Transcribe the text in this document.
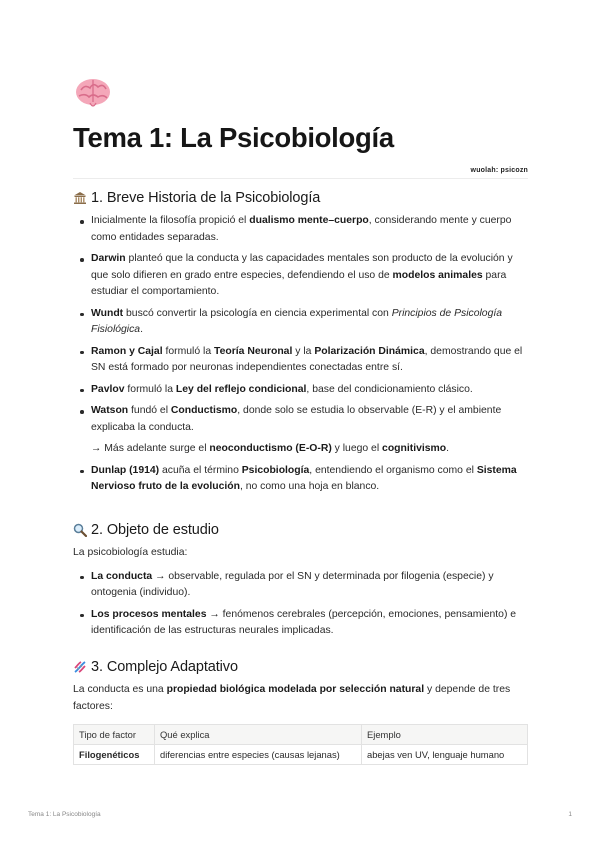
Tema 1: La Psicobiología
wuolah: psicozn
1. Breve Historia de la Psicobiología
Inicialmente la filosofía propició el dualismo mente–cuerpo, considerando mente y cuerpo como entidades separadas.
Darwin planteó que la conducta y las capacidades mentales son producto de la evolución y que solo difieren en grado entre especies, defendiendo el uso de modelos animales para estudiar el comportamiento.
Wundt buscó convertir la psicología en ciencia experimental con Principios de Psicología Fisiológica.
Ramon y Cajal formuló la Teoría Neuronal y la Polarización Dinámica, demostrando que el SN está formado por neuronas independientes conectadas entre sí.
Pavlov formuló la Ley del reflejo condicional, base del condicionamiento clásico.
Watson fundó el Conductismo, donde solo se estudia lo observable (E-R) y el ambiente explicaba la conducta.
→ Más adelante surge el neoconductismo (E-O-R) y luego el cognitivismo.
Dunlap (1914) acuña el término Psicobiología, entendiendo el organismo como el Sistema Nervioso fruto de la evolución, no como una hoja en blanco.
2. Objeto de estudio

La psicobiología estudia:

La conducta → observable, regulada por el SN y determinada por filogenia (especie) y ontogenia (individuo).
Los procesos mentales → fenómenos cerebrales (percepción, emociones, pensamiento) e identificación de las estructuras neurales implicadas.
3. Complejo Adaptativo

La conducta es una propiedad biológica modelada por selección natural y depende de tres factores:

Tipo de factor	Qué explica	Ejemplo
Filogenéticos	diferencias entre especies (causas lejanas)	abejas ven UV, lenguaje humano
Tema 1: La Psicobiología	1
